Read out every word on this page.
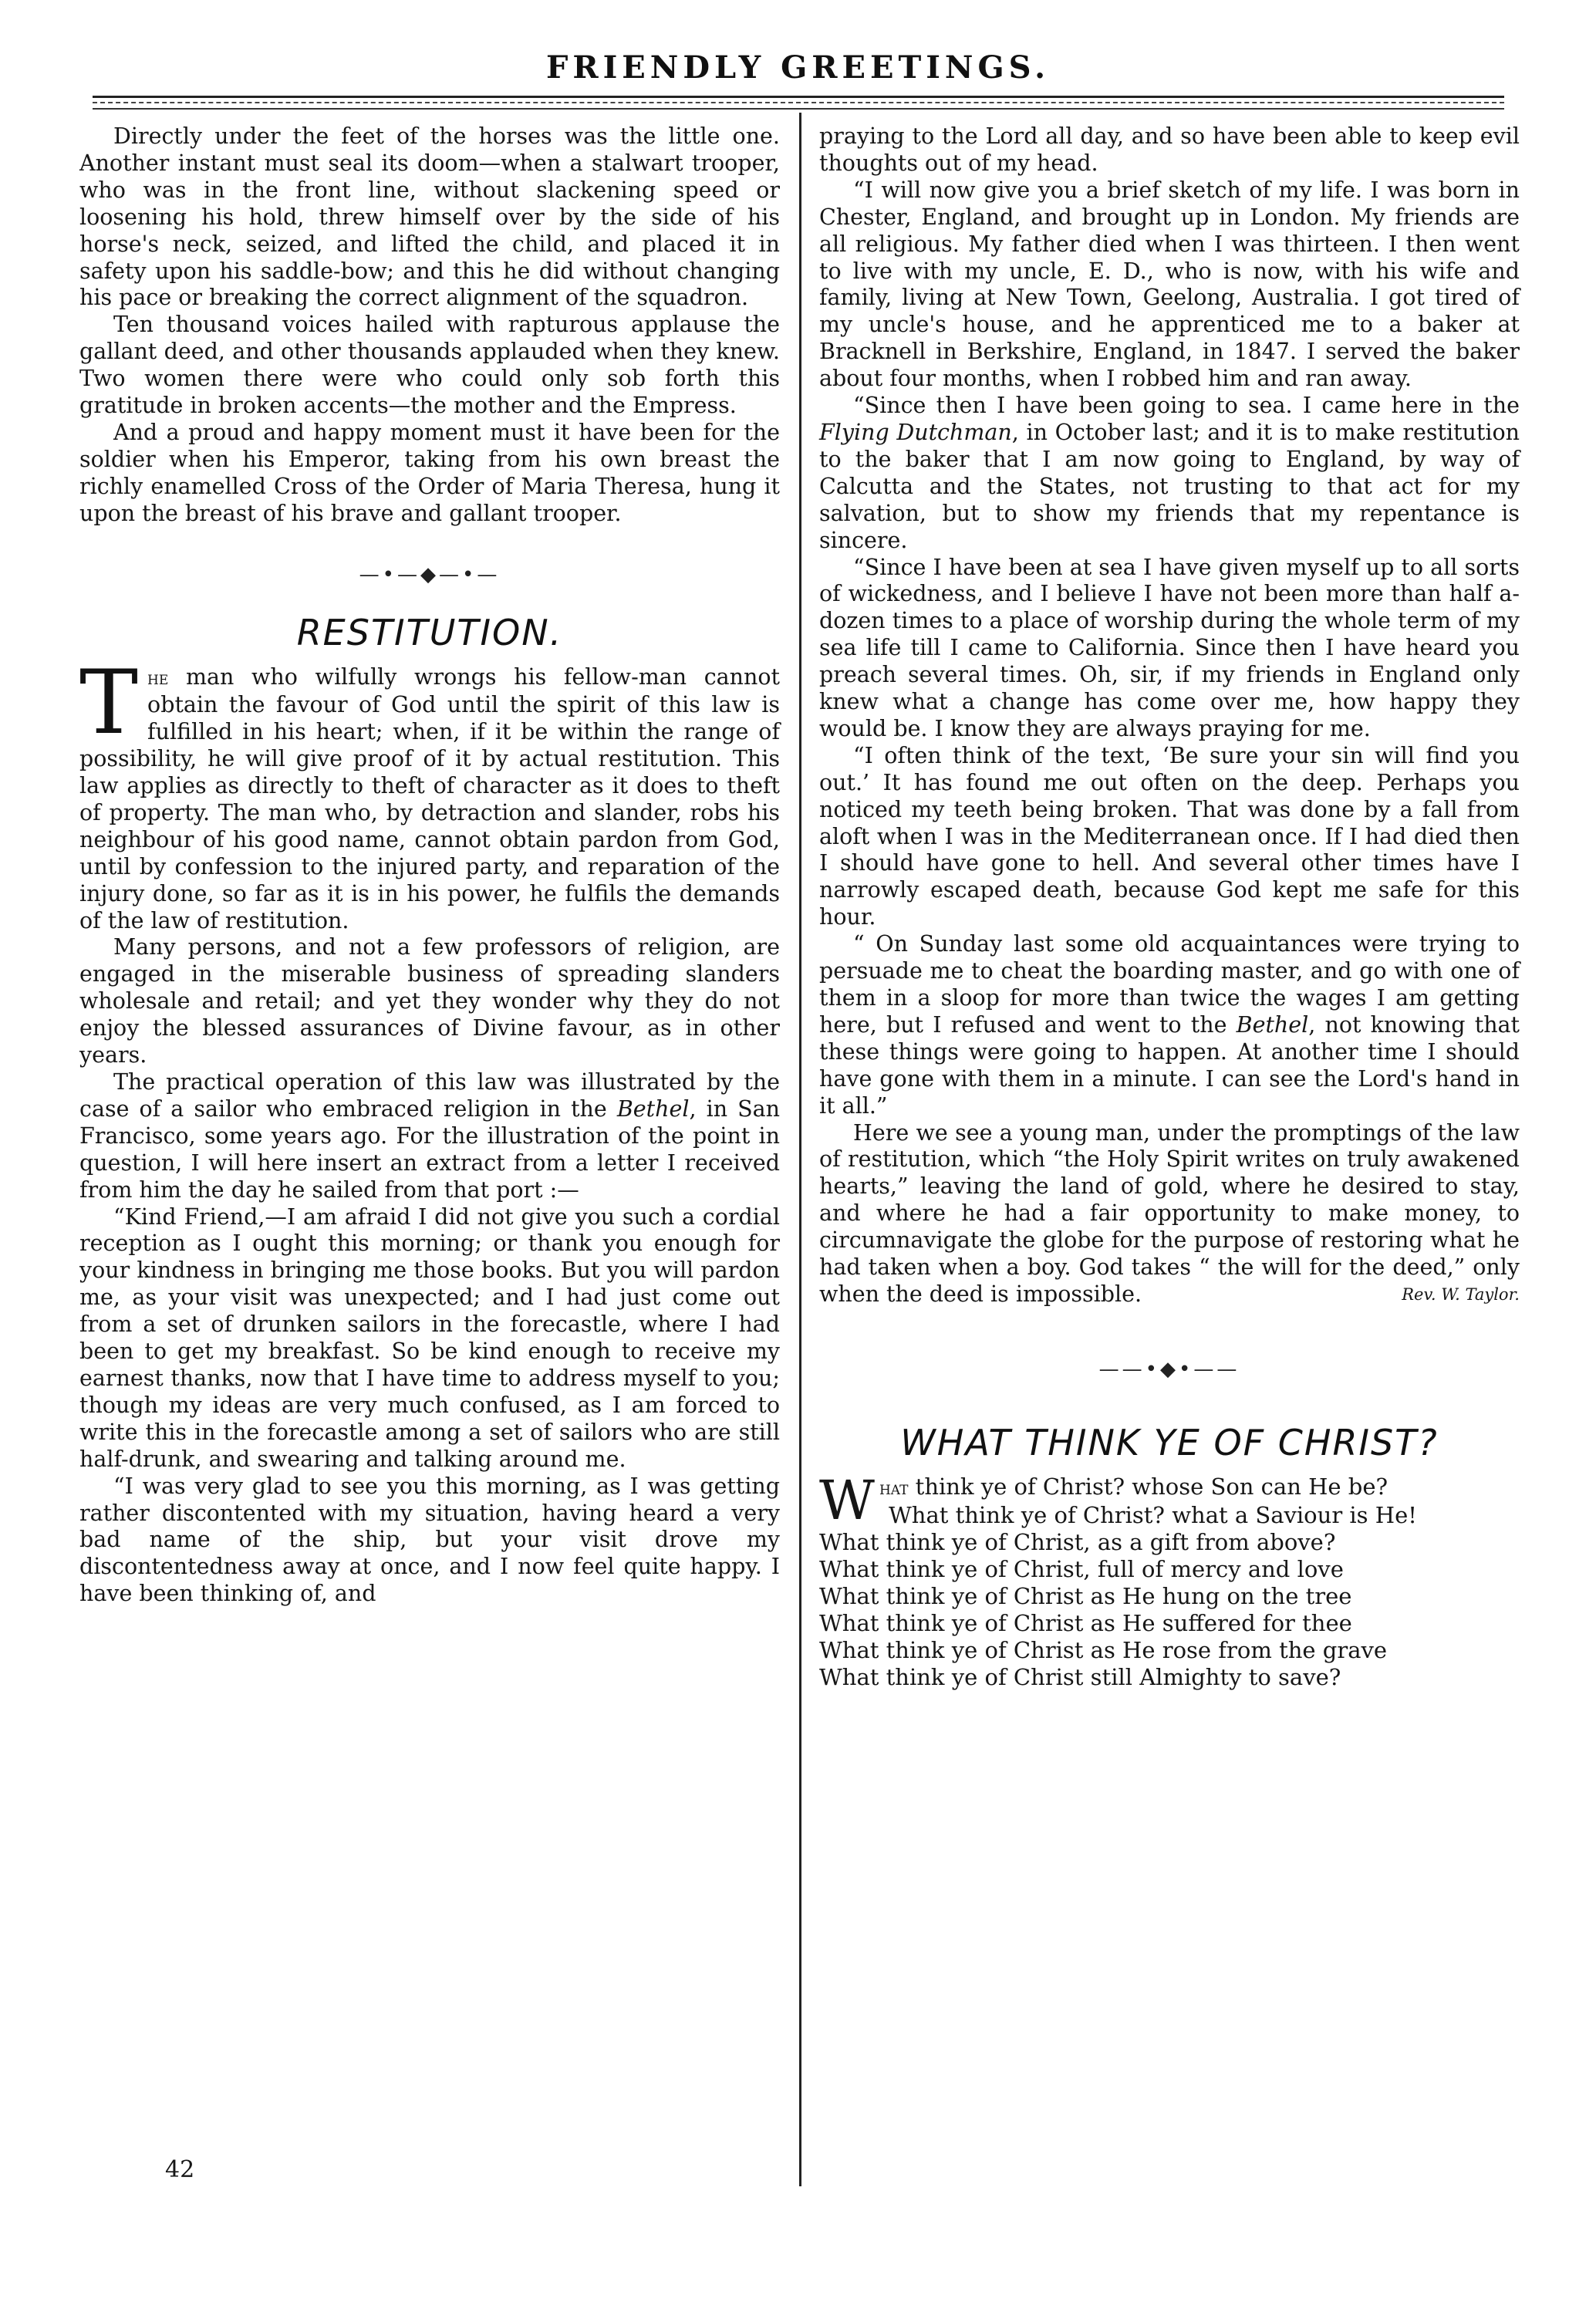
FRIENDLY GREETINGS.

Directly under the feet of the horses was the little one. Another instant must seal its doom—when a stalwart trooper, who was in the front line, without slackening speed or loosening his hold, threw himself over by the side of his horse's neck, seized, and lifted the child, and placed it in safety upon his saddle-bow; and this he did without changing his pace or breaking the correct alignment of the squadron.

Ten thousand voices hailed with rapturous applause the gallant deed, and other thousands applauded when they knew. Two women there were who could only sob forth this gratitude in broken accents—the mother and the Empress.

And a proud and happy moment must it have been for the soldier when his Emperor, taking from his own breast the richly enamelled Cross of the Order of Maria Theresa, hung it upon the breast of his brave and gallant trooper.

—•—◆—•—
RESTITUTION.

The man who wilfully wrongs his fellow-man cannot obtain the favour of God until the spirit of this law is fulfilled in his heart; when, if it be within the range of possibility, he will give proof of it by actual restitution. This law applies as directly to theft of character as it does to theft of property. The man who, by detraction and slander, robs his neighbour of his good name, cannot obtain pardon from God, until by confession to the injured party, and reparation of the injury done, so far as it is in his power, he fulfils the demands of the law of restitution.

Many persons, and not a few professors of religion, are engaged in the miserable business of spreading slanders wholesale and retail; and yet they wonder why they do not enjoy the blessed assurances of Divine favour, as in other years.

The practical operation of this law was illustrated by the case of a sailor who embraced religion in the Bethel, in San Francisco, some years ago. For the illustration of the point in question, I will here insert an extract from a letter I received from him the day he sailed from that port :—

“Kind Friend,—I am afraid I did not give you such a cordial reception as I ought this morning; or thank you enough for your kindness in bringing me those books. But you will pardon me, as your visit was unexpected; and I had just come out from a set of drunken sailors in the forecastle, where I had been to get my breakfast. So be kind enough to receive my earnest thanks, now that I have time to address myself to you; though my ideas are very much confused, as I am forced to write this in the forecastle among a set of sailors who are still half-drunk, and swearing and talking around me.

“I was very glad to see you this morning, as I was getting rather discontented with my situation, having heard a very bad name of the ship, but your visit drove my discontentedness away at once, and I now feel quite happy. I have been thinking of, and

praying to the Lord all day, and so have been able to keep evil thoughts out of my head.

“I will now give you a brief sketch of my life. I was born in Chester, England, and brought up in London. My friends are all religious. My father died when I was thirteen. I then went to live with my uncle, E. D., who is now, with his wife and family, living at New Town, Geelong, Australia. I got tired of my uncle's house, and he apprenticed me to a baker at Bracknell in Berkshire, England, in 1847. I served the baker about four months, when I robbed him and ran away.

“Since then I have been going to sea. I came here in the Flying Dutchman, in October last; and it is to make restitution to the baker that I am now going to England, by way of Calcutta and the States, not trusting to that act for my salvation, but to show my friends that my repentance is sincere.

“Since I have been at sea I have given myself up to all sorts of wickedness, and I believe I have not been more than half a-dozen times to a place of worship during the whole term of my sea life till I came to California. Since then I have heard you preach several times. Oh, sir, if my friends in England only knew what a change has come over me, how happy they would be. I know they are always praying for me.

“I often think of the text, ‘Be sure your sin will find you out.’ It has found me out often on the deep. Perhaps you noticed my teeth being broken. That was done by a fall from aloft when I was in the Mediterranean once. If I had died then I should have gone to hell. And several other times have I narrowly escaped death, because God kept me safe for this hour.

“ On Sunday last some old acquaintances were trying to persuade me to cheat the boarding master, and go with one of them in a sloop for more than twice the wages I am getting here, but I refused and went to the Bethel, not knowing that these things were going to happen. At another time I should have gone with them in a minute. I can see the Lord's hand in it all.”

Here we see a young man, under the promptings of the law of restitution, which “the Holy Spirit writes on truly awakened hearts,” leaving the land of gold, where he desired to stay, and where he had a fair opportunity to make money, to circumnavigate the globe for the purpose of restoring what he had taken when a boy. God takes “ the will for the deed,” only when the deed is impossible.	Rev. W. Taylor.

——•◆•——
WHAT THINK YE OF CHRIST?
What think ye of Christ? whose Son can He be?
What think ye of Christ? what a Saviour is He!
What think ye of Christ, as a gift from above?
What think ye of Christ, full of mercy and love
What think ye of Christ as He hung on the tree
What think ye of Christ as He suffered for thee
What think ye of Christ as He rose from the grave
What think ye of Christ still Almighty to save?
42
